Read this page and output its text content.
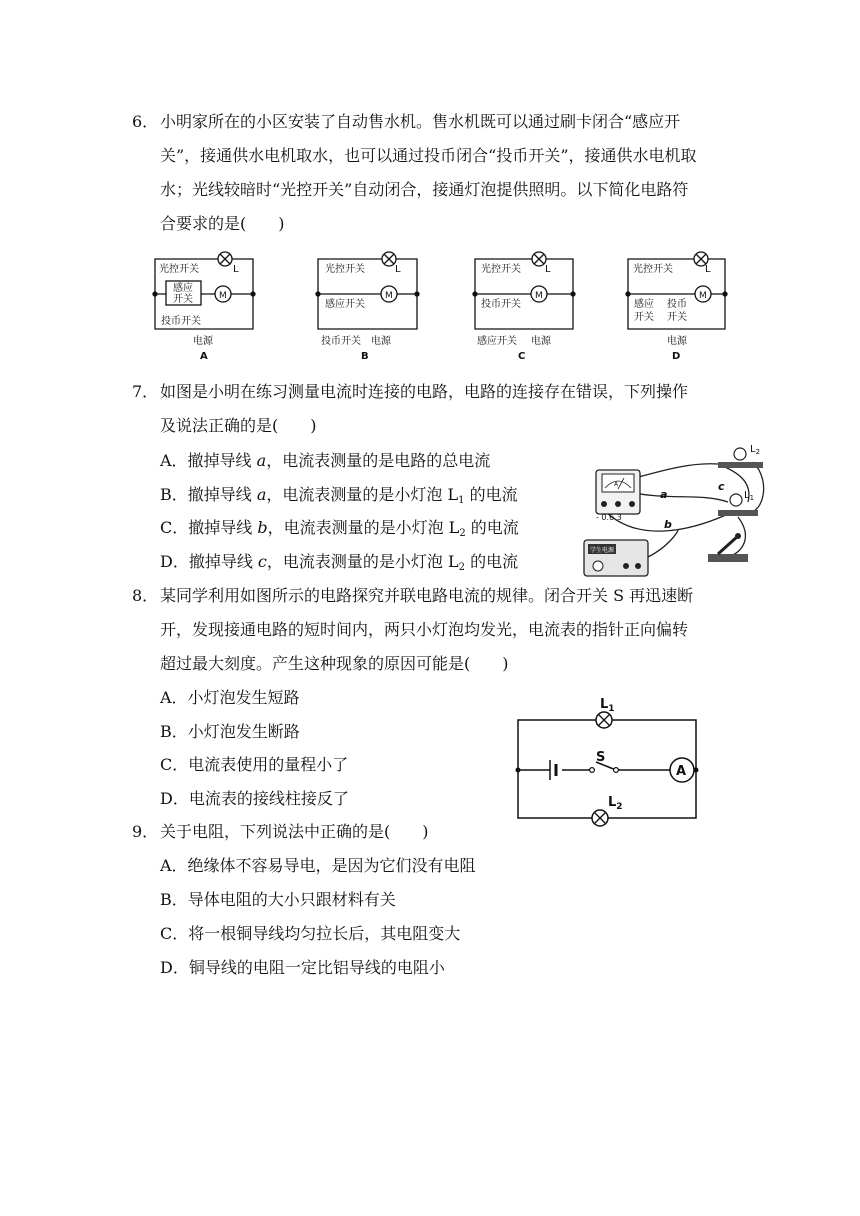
6． 小明家所在的小区安装了自动售水机。售水机既可以通过刷卡闭合“感应开
关”，接通供水电机取水，也可以通过投币闭合“投币开关”，接通供水电机取
水；光线较暗时“光控开关”自动闭合，接通灯泡提供照明。以下简化电路符
合要求的是(　　)
光控开关	L
感应
开关	M
投币开关
电源
A
光控开关	L
感应开关
M
投币开关 电源
B
光控开关 L
投币开关
M
感应开关 电源
C
光控开关	L
感应
开关
投币
开关
M
电源
D
7． 如图是小明在练习测量电流时连接的电路，电路的连接存在错误，下列操作
及说法正确的是(　　)
A．撤掉导线 a，电流表测量的是电路的总电流
B．撤掉导线 a，电流表测量的是小灯泡 $L_1$ 的电流
C．撤掉导线 b，电流表测量的是小灯泡 $L_2$ 的电流
D．撤掉导线 c，电流表测量的是小灯泡 $L_2$ 的电流
A
- 0.6 3
$L_2$
$L_1$
a
b
c
学生电源
8． 某同学利用如图所示的电路探究并联电路电流的规律。闭合开关 S 再迅速断
开，发现接通电路的短时间内，两只小灯泡均发光，电流表的指针正向偏转
超过最大刻度。产生这种现象的原因可能是(　　)
A．小灯泡发生短路
B．小灯泡发生断路
C．电流表使用的量程小了
D．电流表的接线柱接反了
S
A
$L_1$
$L_2$
9． 关于电阻，下列说法中正确的是(　　)
A．绝缘体不容易导电，是因为它们没有电阻
B．导体电阻的大小只跟材料有关
C．将一根铜导线均匀拉长后，其电阻变大
D．铜导线的电阻一定比铝导线的电阻小
